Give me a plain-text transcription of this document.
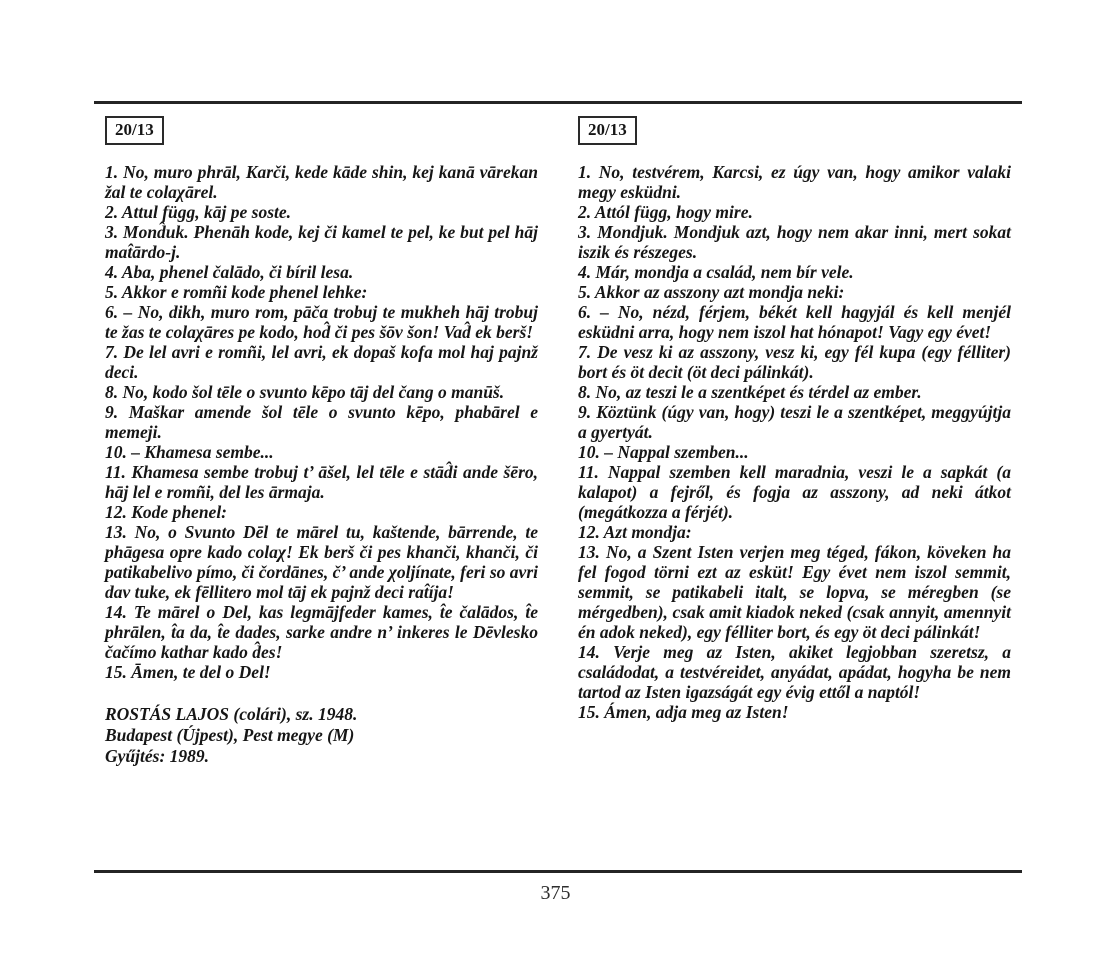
20/13

1. No, muro phrāl, Karči, kede kāde shin, kej kanā vārekan žal te colaχārel.

2. Attul függ, kāj pe soste.

3. Mond̂uk. Phenāh kode, kej či kamel te pel, ke but pel hāj mat̂ārdo-j.

4. Aba, phenel čalādo, či bíril lesa.

5. Akkor e romñi kode phenel lehke:

6. – No, dikh, muro rom, pāča trobuj te mukheh hāj trobuj te žas te colaχāres pe kodo, hod̂ či pes šōv šon! Vad̂ ek berš!

7. De lel avri e romñi, lel avri, ek dopaš kofa mol haj pajnž deci.

8. No, kodo šol tēle o svunto kēpo tāj del čang o manūš.

9. Maškar amende šol tēle o svunto kēpo, phabārel e memeji.

10. – Khamesa sembe...

11. Khamesa sembe trobuj t’ āšel, lel tēle e stād̂i ande šēro, hāj lel e romñi, del les ārmaja.

12. Kode phenel:

13. No, o Svunto Dēl te mārel tu, kaštende, bārrende, te phāgesa opre kado colaχ! Ek berš či pes khanči, khanči, či patikabelivo pímo, či čordānes, č’ ande χoljínate, feri so avri dav tuke, ek fēllitero mol tāj ek pajnž deci rat̂íja!

14. Te mārel o Del, kas legmājfeder kames, t̂e čalādos, t̂e phrālen, t̂a da, t̂e dades, sarke andre n’ inkeres le Dēvlesko čačímo kathar kado d̂es!

15. Āmen, te del o Del!

ROSTÁS LAJOS (colári), sz. 1948.

Budapest (Újpest), Pest megye (M)

Gyűjtés: 1989.

20/13

1. No, testvérem, Karcsi, ez úgy van, hogy amikor valaki megy esküdni.

2. Attól függ, hogy mire.

3. Mondjuk. Mondjuk azt, hogy nem akar inni, mert sokat iszik és részeges.

4. Már, mondja a család, nem bír vele.

5. Akkor az asszony azt mondja neki:

6. – No, nézd, férjem, békét kell hagyjál és kell menjél esküdni arra, hogy nem iszol hat hónapot! Vagy egy évet!

7. De vesz ki az asszony, vesz ki, egy fél kupa (egy félliter) bort és öt decit (öt deci pálinkát).

8. No, az teszi le a szentképet és térdel az ember.

9. Köztünk (úgy van, hogy) teszi le a szentképet, meggyújtja a gyertyát.

10. – Nappal szemben...

11. Nappal szemben kell maradnia, veszi le a sapkát (a kalapot) a fejről, és fogja az asszony, ad neki átkot (megátkozza a férjét).

12. Azt mondja:

13. No, a Szent Isten verjen meg téged, fákon, köveken ha fel fogod törni ezt az esküt! Egy évet nem iszol semmit, semmit, se patikabeli italt, se lopva, se méregben (se mérgedben), csak amit kiadok neked (csak annyit, amennyit én adok neked), egy félliter bort, és egy öt deci pálinkát!

14. Verje meg az Isten, akiket legjobban szeretsz, a családodat, a testvéreidet, anyádat, apádat, hogyha be nem tartod az Isten igazságát egy évig ettől a naptól!

15. Ámen, adja meg az Isten!

375
